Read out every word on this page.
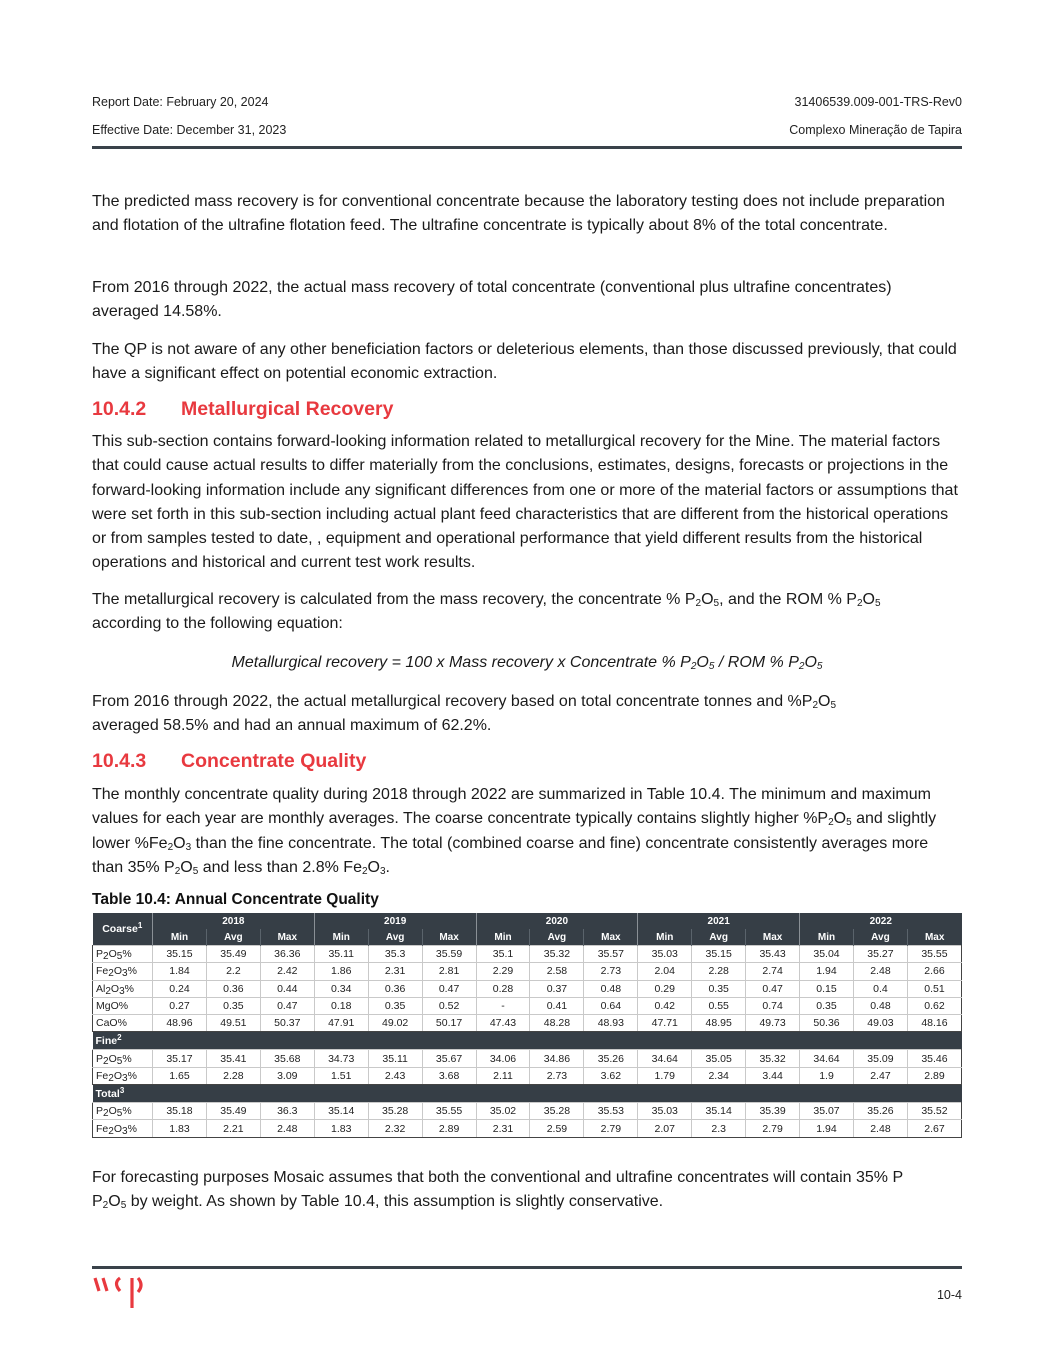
Report Date: February 20, 2024	31406539.009-001-TRS-Rev0
Effective Date: December 31, 2023	Complexo Mineração de Tapira

The predicted mass recovery is for conventional concentrate because the laboratory testing does not include preparation and flotation of the ultrafine flotation feed. The ultrafine concentrate is typically about 8% of the total concentrate.

From 2016 through 2022, the actual mass recovery of total concentrate (conventional plus ultrafine concentrates) averaged 14.58%.

The QP is not aware of any other beneficiation factors or deleterious elements, than those discussed previously, that could have a significant effect on potential economic extraction.

10.4.2 Metallurgical Recovery

This sub-section contains forward-looking information related to metallurgical recovery for the Mine. The material factors that could cause actual results to differ materially from the conclusions, estimates, designs, forecasts or projections in the forward-looking information include any significant differences from one or more of the material factors or assumptions that were set forth in this sub-section including actual plant feed characteristics that are different from the historical operations or from samples tested to date, , equipment and operational performance that yield different results from the historical operations and historical and current test work results.

The metallurgical recovery is calculated from the mass recovery, the concentrate % $P_2O_5$, and the ROM % $P_2O_5$
according to the following equation:

Metallurgical recovery = 100 x Mass recovery x Concentrate % $P_2O_5$ / ROM % $P_2O_5$

From 2016 through 2022, the actual metallurgical recovery based on total concentrate tonnes and $\%P_2O_5$
averaged 58.5% and had an annual maximum of 62.2%.

10.4.3 Concentrate Quality

The monthly concentrate quality during 2018 through 2022 are summarized in Table 10.4. The minimum and maximum values for each year are monthly averages. The coarse concentrate typically contains slightly higher $\%P_2O_5$ and slightly lower $\%Fe_2O_3$ than the fine concentrate. The total (combined coarse and fine) concentrate consistently averages more than 35% $P_2O_5$ and less than 2.8% $Fe_2O_3$.

Table 10.4: Annual Concentrate Quality
Coarse$^1$	2018			2019			2020			2021			2022		
	Min	Avg	Max	Min	Avg	Max	Min	Avg	Max	Min	Avg	Max	Min	Avg	Max
$P_2O_5\%$	35.15	35.49	36.36	35.11	35.3	35.59	35.1	35.32	35.57	35.03	35.15	35.43	35.04	35.27	35.55
$Fe_2O_3\%$	1.84	2.2	2.42	1.86	2.31	2.81	2.29	2.58	2.73	2.04	2.28	2.74	1.94	2.48	2.66
$Al_2O_3\%$	0.24	0.36	0.44	0.34	0.36	0.47	0.28	0.37	0.48	0.29	0.35	0.47	0.15	0.4	0.51
MgO%	0.27	0.35	0.47	0.18	0.35	0.52	-	0.41	0.64	0.42	0.55	0.74	0.35	0.48	0.62
CaO%	48.96	49.51	50.37	47.91	49.02	50.17	47.43	48.28	48.93	47.71	48.95	49.73	50.36	49.03	48.16
Fine$^2$
$P_2O_5\%$	35.17	35.41	35.68	34.73	35.11	35.67	34.06	34.86	35.26	34.64	35.05	35.32	34.64	35.09	35.46
$Fe_2O_3\%$	1.65	2.28	3.09	1.51	2.43	3.68	2.11	2.73	3.62	1.79	2.34	3.44	1.9	2.47	2.89
Total$^3$
$P_2O_5\%$	35.18	35.49	36.3	35.14	35.28	35.55	35.02	35.28	35.53	35.03	35.14	35.39	35.07	35.26	35.52
$Fe_2O_3\%$	1.83	2.21	2.48	1.83	2.32	2.89	2.31	2.59	2.79	2.07	2.3	2.79	1.94	2.48	2.67

For forecasting purposes Mosaic assumes that both the conventional and ultrafine concentrates will contain 35% P
$P_2O_5$ by weight. As shown by Table 10.4, this assumption is slightly conservative.

10-4
